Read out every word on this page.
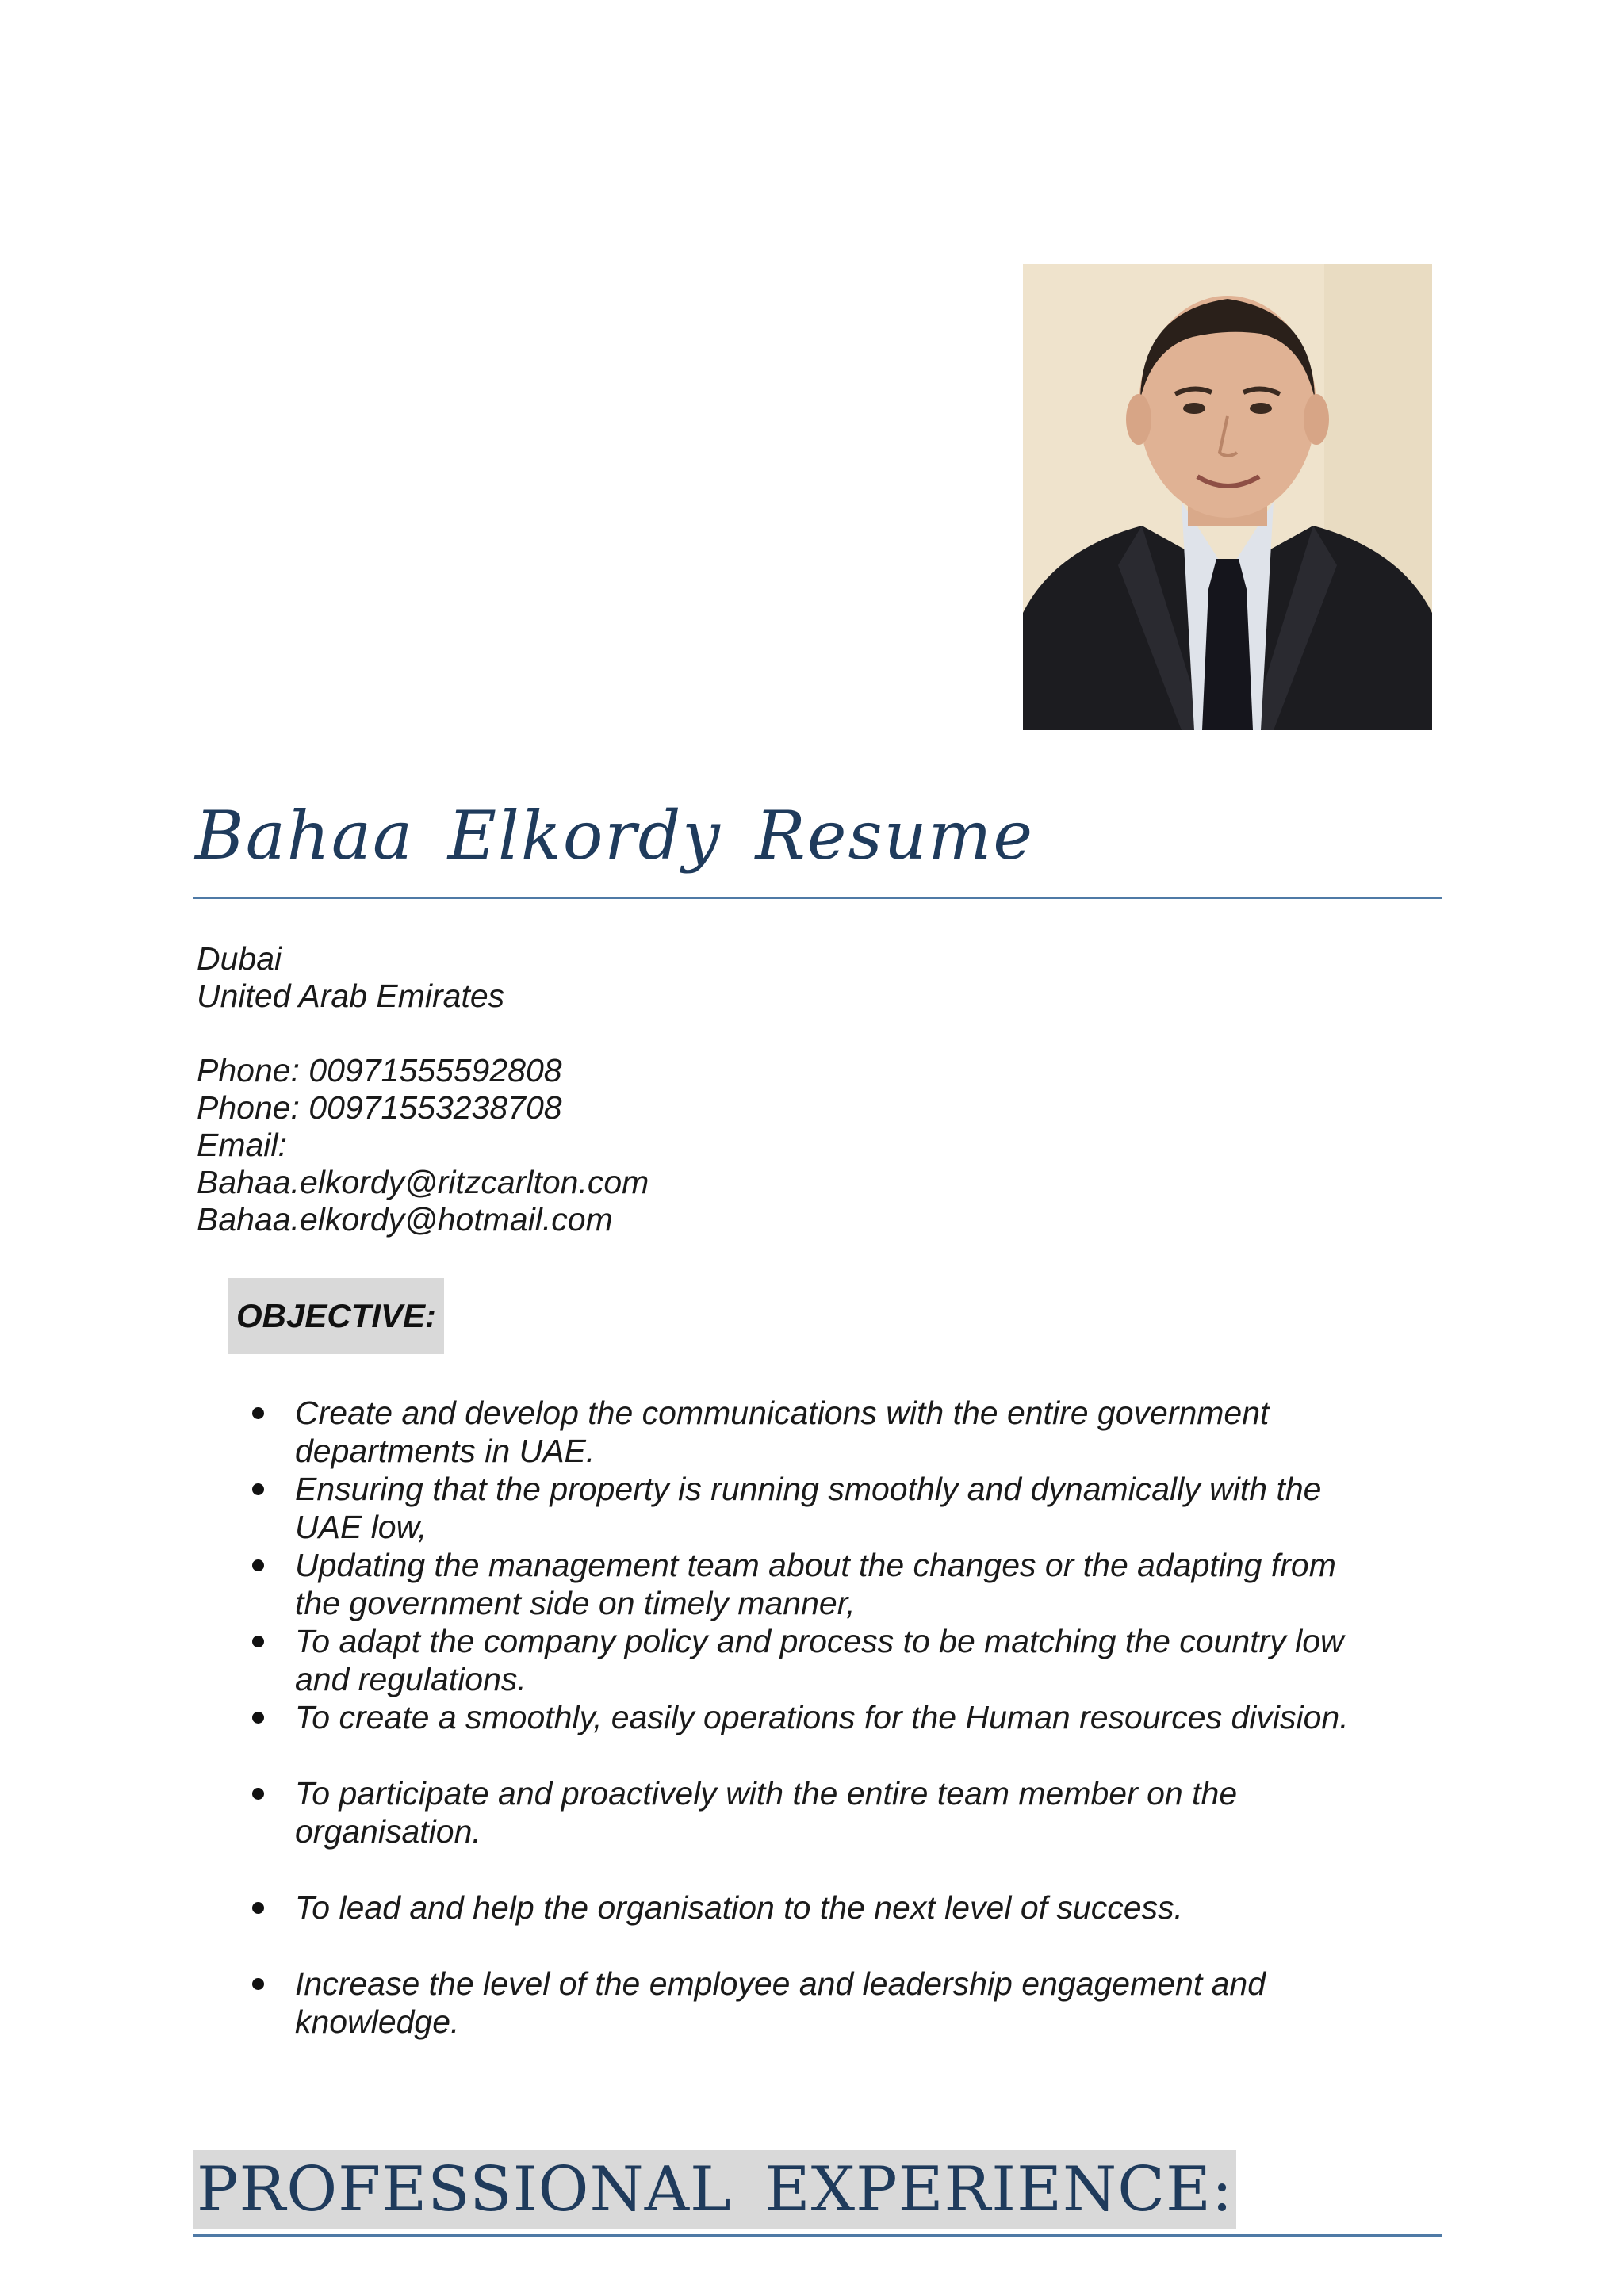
Bahaa Elkordy Resume
Dubai
United Arab Emirates
Phone: 00971555592808
Phone: 00971553238708
Email:
Bahaa.elkordy@ritzcarlton.com
Bahaa.elkordy@hotmail.com
OBJECTIVE:
Create and develop the communications with the entire government departments in UAE.
Ensuring that the property is running smoothly and dynamically with the UAE low,
Updating the management team about the changes or the adapting from the government side on timely manner,
To adapt the company policy and process to be matching the country low and regulations.
To create a smoothly, easily operations for the Human resources division.
To participate and proactively with the entire team member on the organisation.
To lead and help the organisation to the next level of success.
Increase the level of the employee and leadership engagement and knowledge.
PROFESSIONAL EXPERIENCE:
